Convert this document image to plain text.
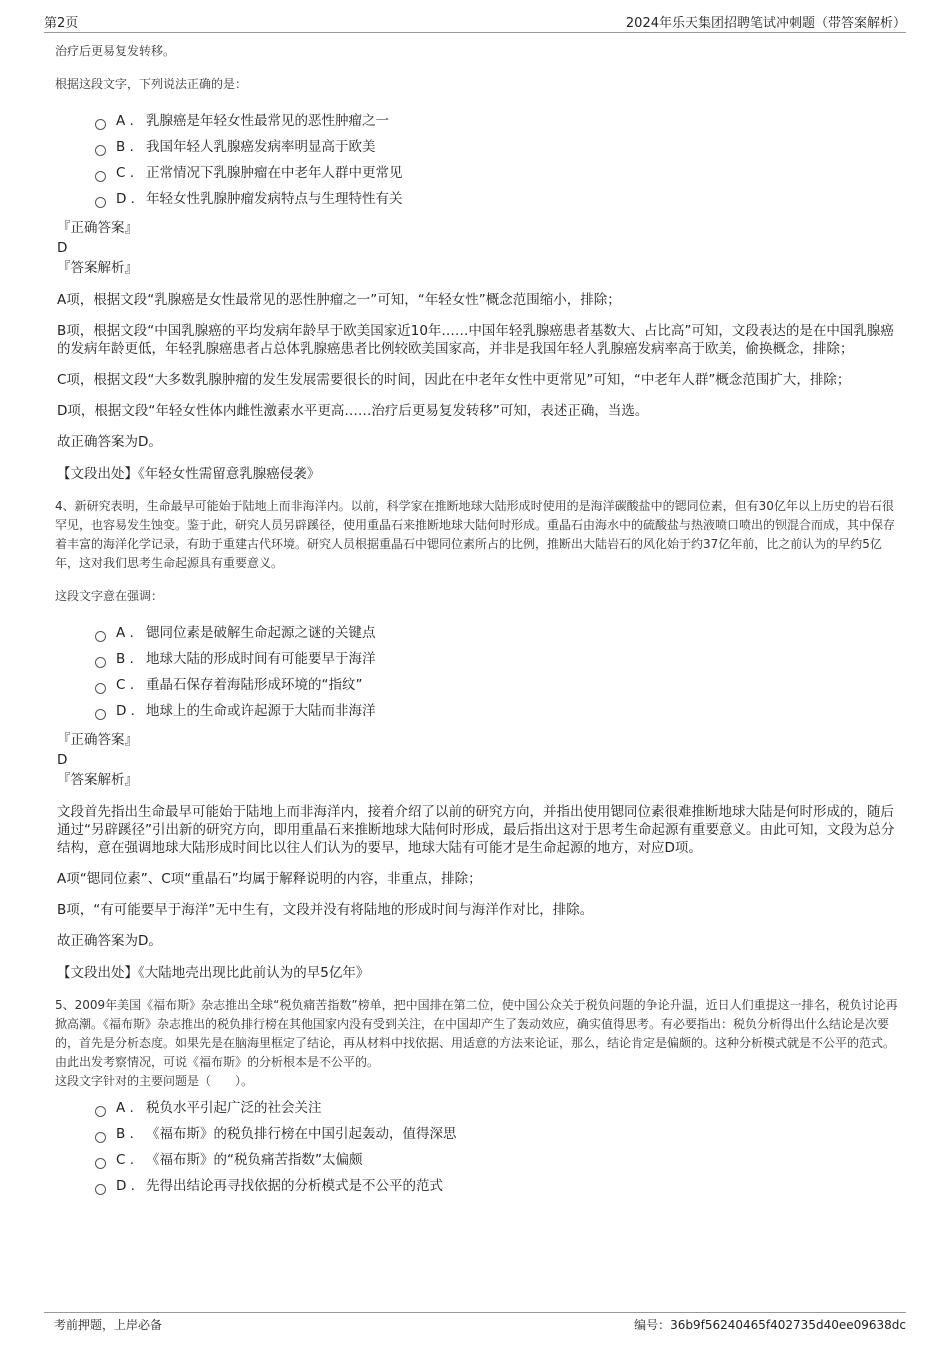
第2页	2024年乐天集团招聘笔试冲刺题（带答案解析）

治疗后更易复发转移。

根据这段文字，下列说法正确的是：

A . 乳腺癌是年轻女性最常见的恶性肿瘤之一
B . 我国年轻人乳腺癌发病率明显高于欧美
C . 正常情况下乳腺肿瘤在中老年人群中更常见
D . 年轻女性乳腺肿瘤发病特点与生理特性有关

『正确答案』

D

『答案解析』

A项，根据文段“乳腺癌是女性最常见的恶性肿瘤之一”可知，“年轻女性”概念范围缩小，排除；

B项，根据文段“中国乳腺癌的平均发病年龄早于欧美国家近10年……中国年轻乳腺癌患者基数大、占比高”可知，文段表达的是在中国乳腺癌的发病年龄更低，年轻乳腺癌患者占总体乳腺癌患者比例较欧美国家高，并非是我国年轻人乳腺癌发病率高于欧美，偷换概念，排除；

C项，根据文段“大多数乳腺肿瘤的发生发展需要很长的时间，因此在中老年女性中更常见”可知，“中老年人群”概念范围扩大，排除；

D项，根据文段“年轻女性体内雌性激素水平更高……治疗后更易复发转移”可知，表述正确，当选。

故正确答案为D。

【文段出处】《年轻女性需留意乳腺癌侵袭》

4、新研究表明，生命最早可能始于陆地上而非海洋内。以前，科学家在推断地球大陆形成时使用的是海洋碳酸盐中的锶同位素，但有30亿年以上历史的岩石很罕见，也容易发生蚀变。鉴于此，研究人员另辟蹊径，使用重晶石来推断地球大陆何时形成。重晶石由海水中的硫酸盐与热液喷口喷出的钡混合而成，其中保存着丰富的海洋化学记录，有助于重建古代环境。研究人员根据重晶石中锶同位素所占的比例，推断出大陆岩石的风化始于约37亿年前，比之前认为的早约5亿年，这对我们思考生命起源具有重要意义。

这段文字意在强调：

A . 锶同位素是破解生命起源之谜的关键点
B . 地球大陆的形成时间有可能要早于海洋
C . 重晶石保存着海陆形成环境的“指纹”
D . 地球上的生命或许起源于大陆而非海洋

『正确答案』

D

『答案解析』

文段首先指出生命最早可能始于陆地上而非海洋内，接着介绍了以前的研究方向，并指出使用锶同位素很难推断地球大陆是何时形成的，随后通过“另辟蹊径”引出新的研究方向，即用重晶石来推断地球大陆何时形成，最后指出这对于思考生命起源有重要意义。由此可知，文段为总分结构，意在强调地球大陆形成时间比以往人们认为的要早，地球大陆有可能才是生命起源的地方，对应D项。

A项“锶同位素”、C项“重晶石”均属于解释说明的内容，非重点，排除；

B项，“有可能要早于海洋”无中生有，文段并没有将陆地的形成时间与海洋作对比，排除。

故正确答案为D。

【文段出处】《大陆地壳出现比此前认为的早5亿年》

5、2009年美国《福布斯》杂志推出全球“税负痛苦指数”榜单，把中国排在第二位，使中国公众关于税负问题的争论升温，近日人们重提这一排名，税负讨论再掀高潮。《福布斯》杂志推出的税负排行榜在其他国家内没有受到关注，在中国却产生了轰动效应，确实值得思考。有必要指出：税负分析得出什么结论是次要的，首先是分析态度。如果先是在脑海里框定了结论，再从材料中找依据、用适意的方法来论证，那么，结论肯定是偏颇的。这种分析模式就是不公平的范式。由此出发考察情况，可说《福布斯》的分析根本是不公平的。

这段文字针对的主要问题是（　　）。

A . 税负水平引起广泛的社会关注
B . 《福布斯》的税负排行榜在中国引起轰动，值得深思
C . 《福布斯》的“税负痛苦指数”太偏颇
D . 先得出结论再寻找依据的分析模式是不公平的范式
考前押题，上岸必备	编号：36b9f56240465f402735d40ee09638dc
